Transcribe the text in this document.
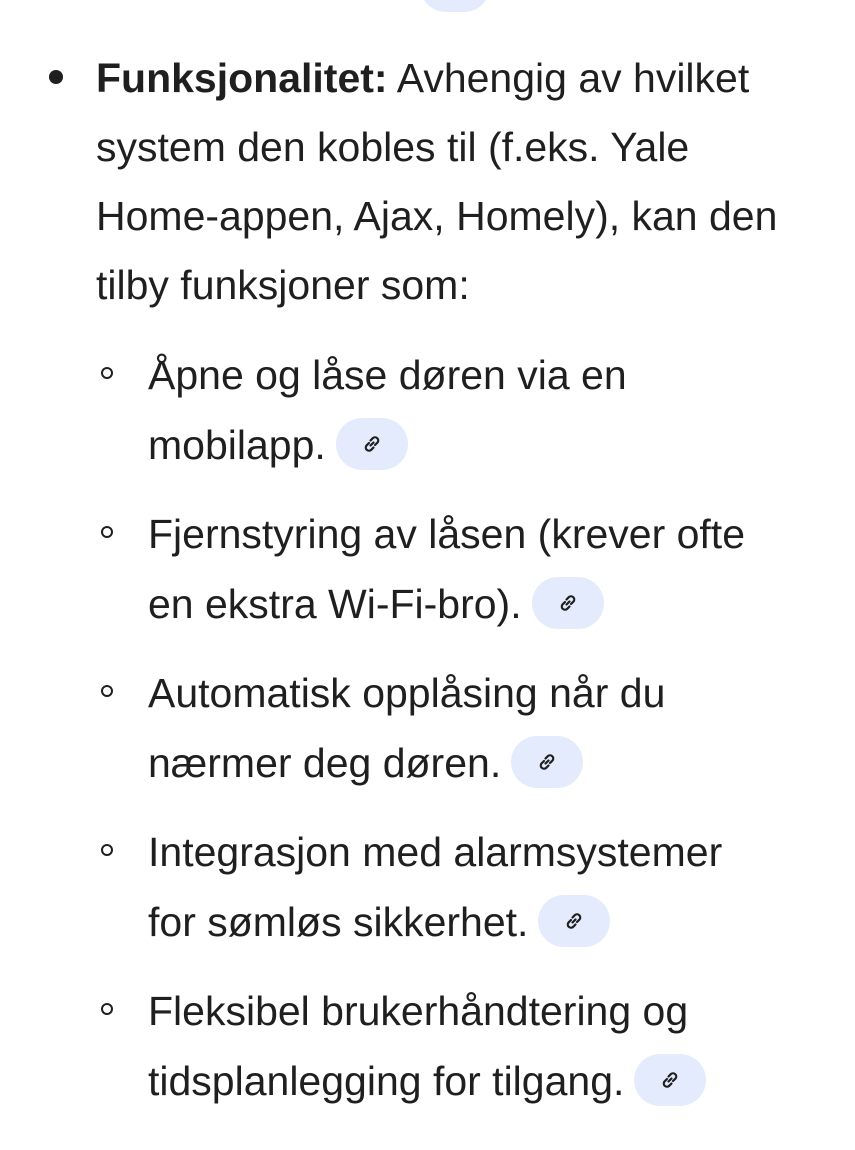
Funksjonalitet: Avhengig av hvilket
system den kobles til (f.eks. Yale
Home-appen, Ajax, Homely), kan den
tilby funksjoner som:
Åpne og låse døren via en
mobilapp.
Fjernstyring av låsen (krever ofte
en ekstra Wi-Fi-bro).
Automatisk opplåsing når du
nærmer deg døren.
Integrasjon med alarmsystemer
for sømløs sikkerhet.
Fleksibel brukerhåndtering og
tidsplanlegging for tilgang.
